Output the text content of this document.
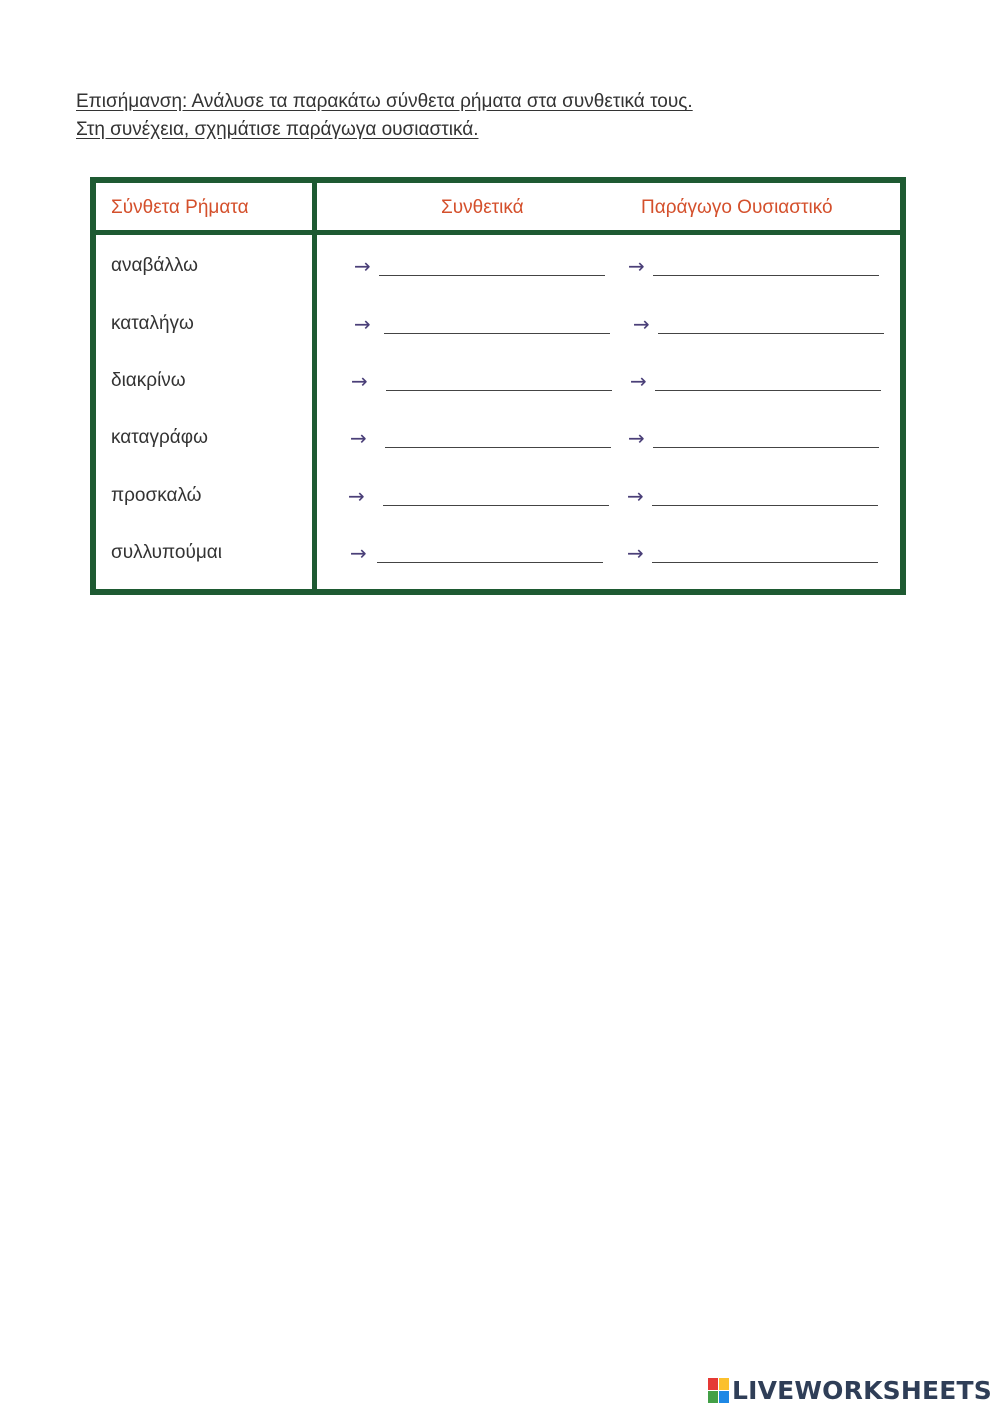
Επισήμανση: Ανάλυσε τα παρακάτω σύνθετα ρήματα στα συνθετικά τους.
Στη συνέχεια, σχημάτισε παράγωγα ουσιαστικά.
Σύνθετα Ρήματα	Συνθετικά	Παράγωγο Ουσιαστικό
αναβάλλω	→	→
καταλήγω	→	→
διακρίνω	→	→
καταγράφω	→	→
προσκαλώ	→	→
συλλυπούμαι	→	→
LIVEWORKSHEETS
